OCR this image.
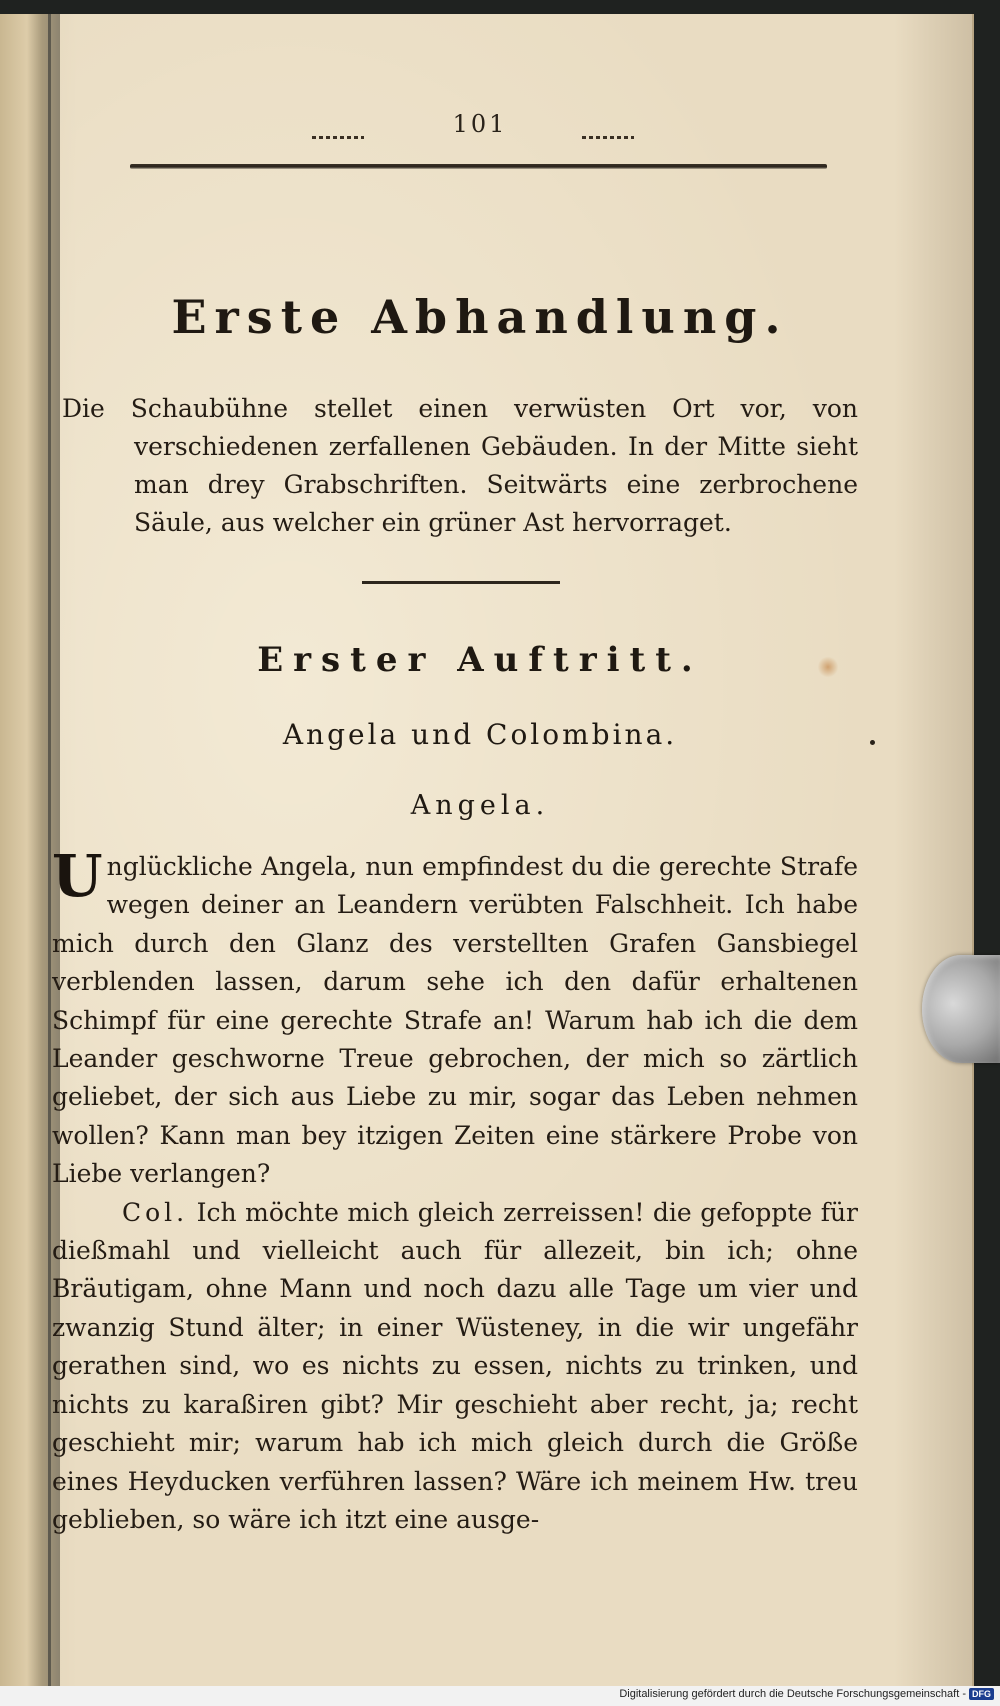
101
Erste Abhandlung.

Die Schaubühne stellet einen verwüsten Ort vor, von verschiedenen zerfallenen Gebäuden. In der Mitte sieht man drey Grabschriften. Seitwärts eine zerbrochene Säule, aus welcher ein grüner Ast hervorraget.

Erster Auftritt.
Angela und Colombina.
Angela.

Unglückliche Angela, nun empfindest du die gerechte Strafe wegen deiner an Leandern verübten Falschheit. Ich habe mich durch den Glanz des verstellten Grafen Gansbiegel verblenden lassen, darum sehe ich den dafür erhaltenen Schimpf für eine gerechte Strafe an! Warum hab ich die dem Leander geschworne Treue gebrochen, der mich so zärtlich geliebet, der sich aus Liebe zu mir, sogar das Leben nehmen wollen? Kann man bey itzigen Zeiten eine stärkere Probe von Liebe verlangen?

Col. Ich möchte mich gleich zerreissen! die gefoppte für dießmahl und vielleicht auch für allezeit, bin ich; ohne Bräutigam, ohne Mann und noch dazu alle Tage um vier und zwanzig Stund älter; in einer Wüsteney, in die wir ungefähr gerathen sind, wo es nichts zu essen, nichts zu trinken, und nichts zu karaßiren gibt? Mir geschieht aber recht, ja; recht geschieht mir; warum hab ich mich gleich durch die Größe eines Heyducken verführen lassen? Wäre ich meinem Hw. treu geblieben, so wäre ich itzt eine ausge-

Digitalisierung gefördert durch die Deutsche Forschungsgemeinschaft - DFG
